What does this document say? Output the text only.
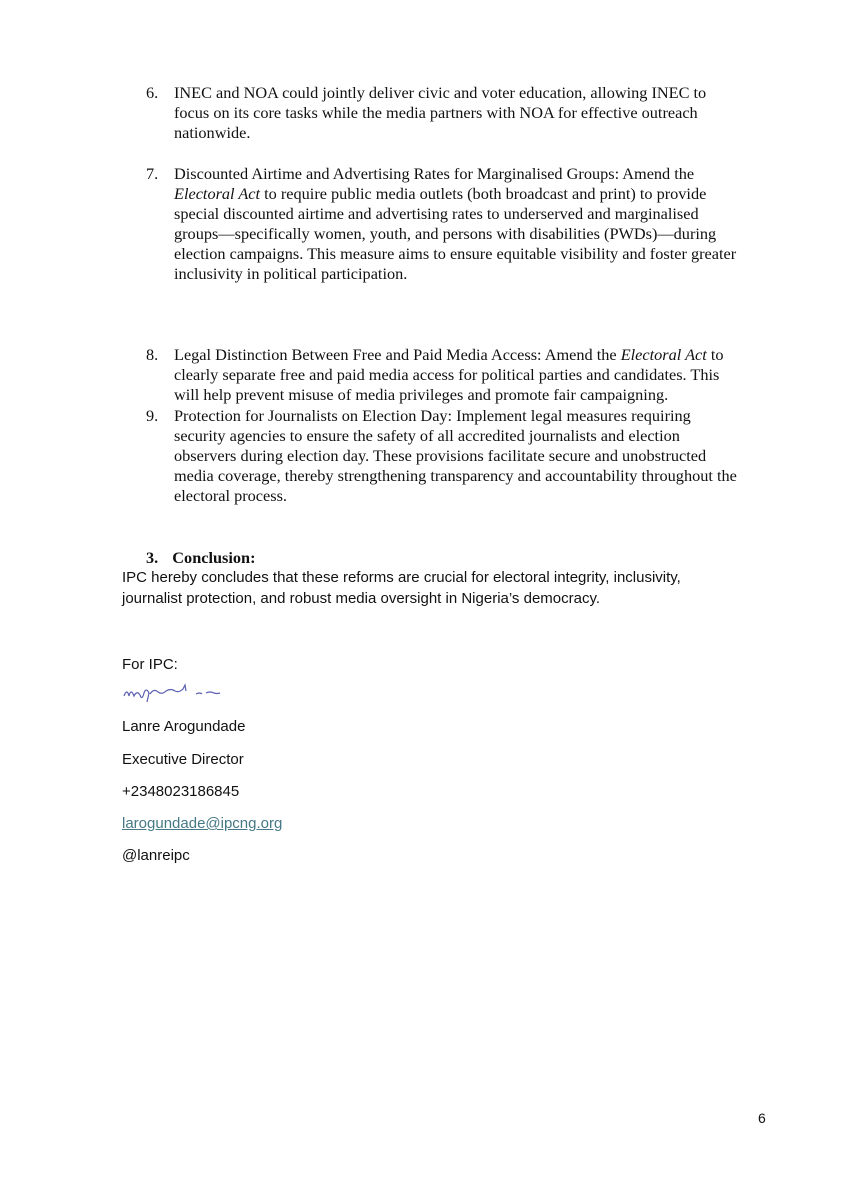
6. INEC and NOA could jointly deliver civic and voter education, allowing INEC to
focus on its core tasks while the media partners with NOA for effective outreach
nationwide.
7. Discounted Airtime and Advertising Rates for Marginalised Groups: Amend the
Electoral Act to require public media outlets (both broadcast and print) to provide
special discounted airtime and advertising rates to underserved and marginalised
groups—specifically women, youth, and persons with disabilities (PWDs)—during
election campaigns. This measure aims to ensure equitable visibility and foster greater
inclusivity in political participation.
8. Legal Distinction Between Free and Paid Media Access: Amend the Electoral Act to
clearly separate free and paid media access for political parties and candidates. This
will help prevent misuse of media privileges and promote fair campaigning.
9. Protection for Journalists on Election Day: Implement legal measures requiring
security agencies to ensure the safety of all accredited journalists and election
observers during election day. These provisions facilitate secure and unobstructed
media coverage, thereby strengthening transparency and accountability throughout the
electoral process.
3. Conclusion:
IPC hereby concludes that these reforms are crucial for electoral integrity, inclusivity,
journalist protection, and robust media oversight in Nigeria’s democracy.
For IPC:
Lanre Arogundade
Executive Director
+2348023186845
larogundade@ipcng.org
@lanreipc
6
